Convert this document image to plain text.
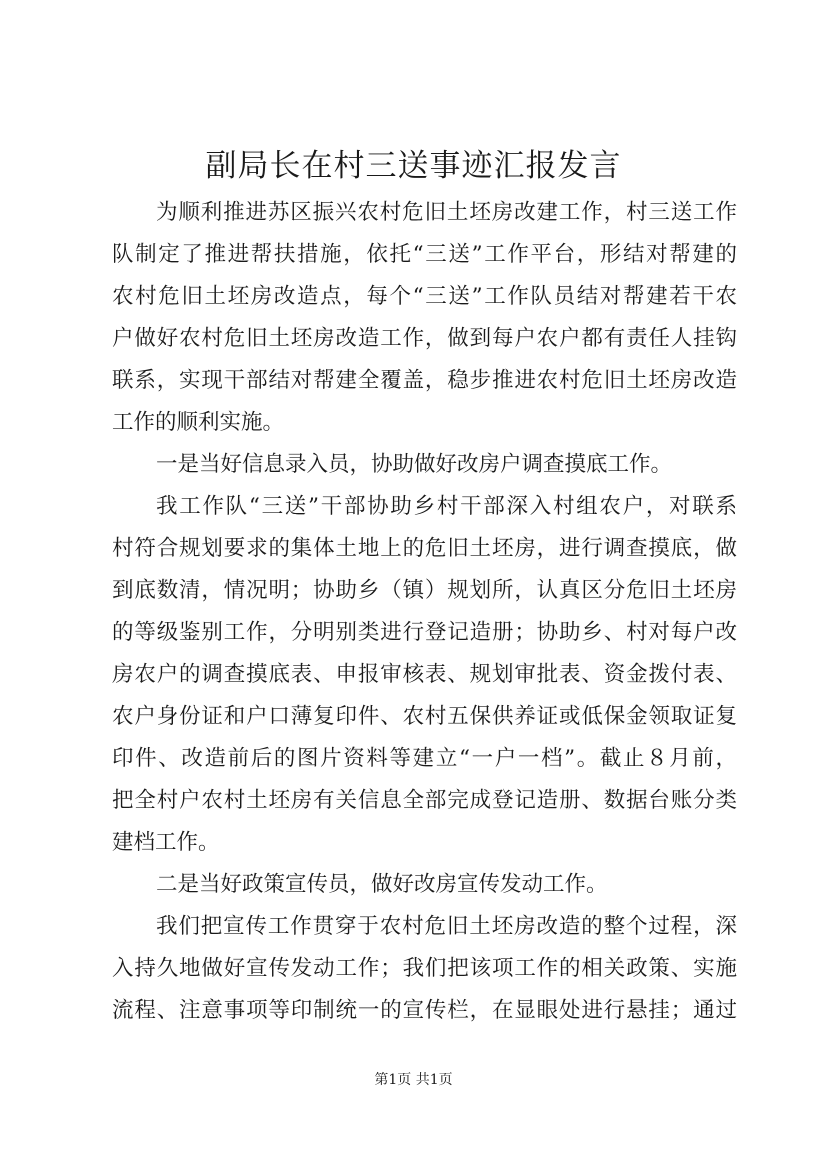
副局长在村三送事迹汇报发言
为顺利推进苏区振兴农村危旧土坯房改建工作，村三送工作
队制定了推进帮扶措施，依托“三送”工作平台，形结对帮建的
农村危旧土坯房改造点，每个“三送”工作队员结对帮建若干农
户做好农村危旧土坯房改造工作，做到每户农户都有责任人挂钩
联系，实现干部结对帮建全覆盖，稳步推进农村危旧土坯房改造
工作的顺利实施。
一是当好信息录入员，协助做好改房户调查摸底工作。
我工作队“三送”干部协助乡村干部深入村组农户，对联系
村符合规划要求的集体土地上的危旧土坯房，进行调查摸底，做
到底数清，情况明；协助乡（镇）规划所，认真区分危旧土坯房
的等级鉴别工作，分明别类进行登记造册；协助乡、村对每户改
房农户的调查摸底表、申报审核表、规划审批表、资金拨付表、
农户身份证和户口薄复印件、农村五保供养证或低保金领取证复
印件、改造前后的图片资料等建立“一户一档”。截止８月前，
把全村户农村土坯房有关信息全部完成登记造册、数据台账分类
建档工作。
二是当好政策宣传员，做好改房宣传发动工作。
我们把宣传工作贯穿于农村危旧土坯房改造的整个过程，深
入持久地做好宣传发动工作；我们把该项工作的相关政策、实施
流程、注意事项等印制统一的宣传栏，在显眼处进行悬挂；通过
第1页 共1页
